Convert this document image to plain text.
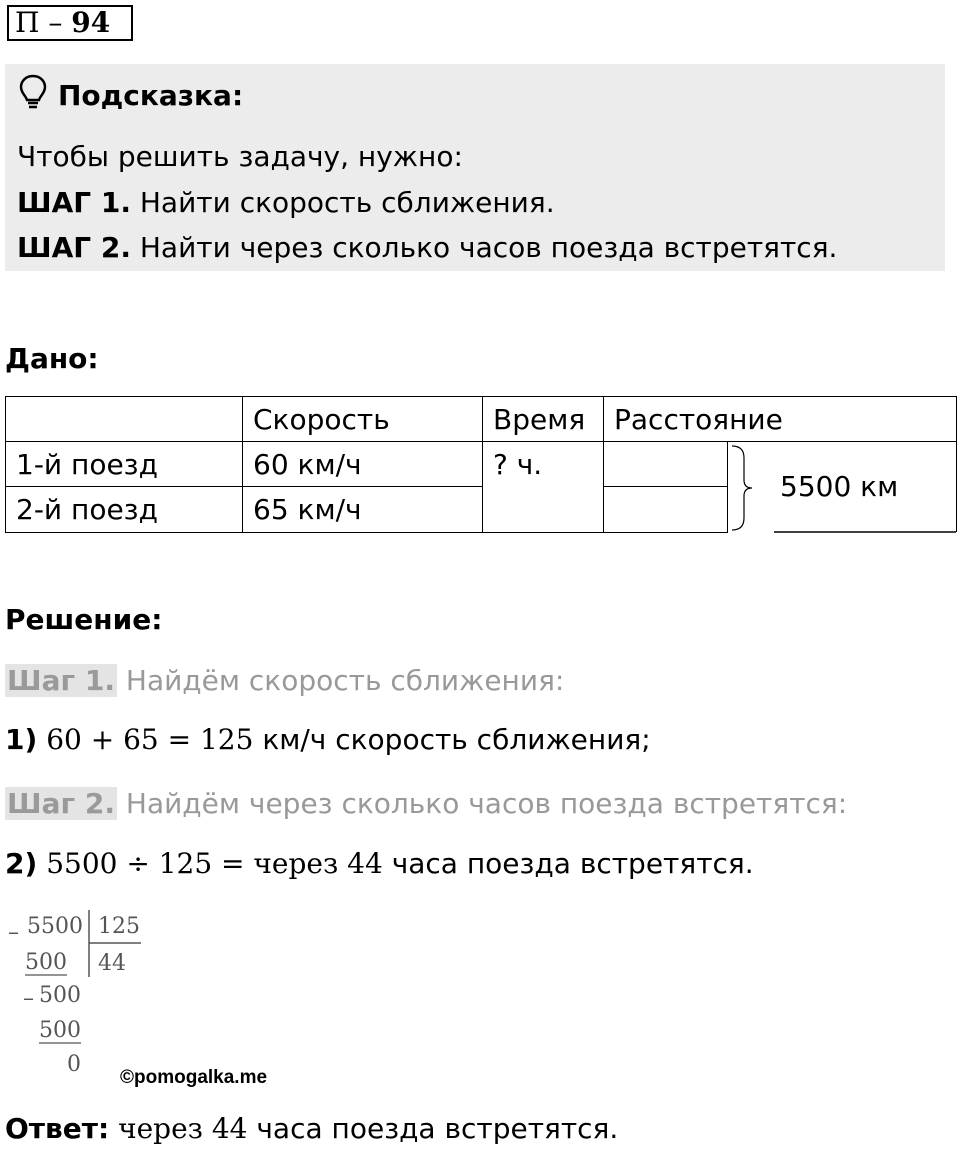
П – 94
Подсказка:
Чтобы решить задачу, нужно:
ШАГ 1. Найти скорость сближения.
ШАГ 2. Найти через сколько часов поезда встретятся.
Дано:
	Скорость	Время	Расстояние	
1-й поезд	60 км/ч	? ч.		5500 км

2-й поезд	65 км/ч			
Решение:
Шаг 1. Найдём скорость сближения:
1) 60 + 65 = 125 км/ч скорость сближения;
Шаг 2. Найдём через сколько часов поезда встретятся:
2) 5500 ÷ 125 = через 44 часа поезда встретятся.
– 5500 125
44
500
– 500
500
0
©pomogalka.me
Ответ: через 44 часа поезда встретятся.
